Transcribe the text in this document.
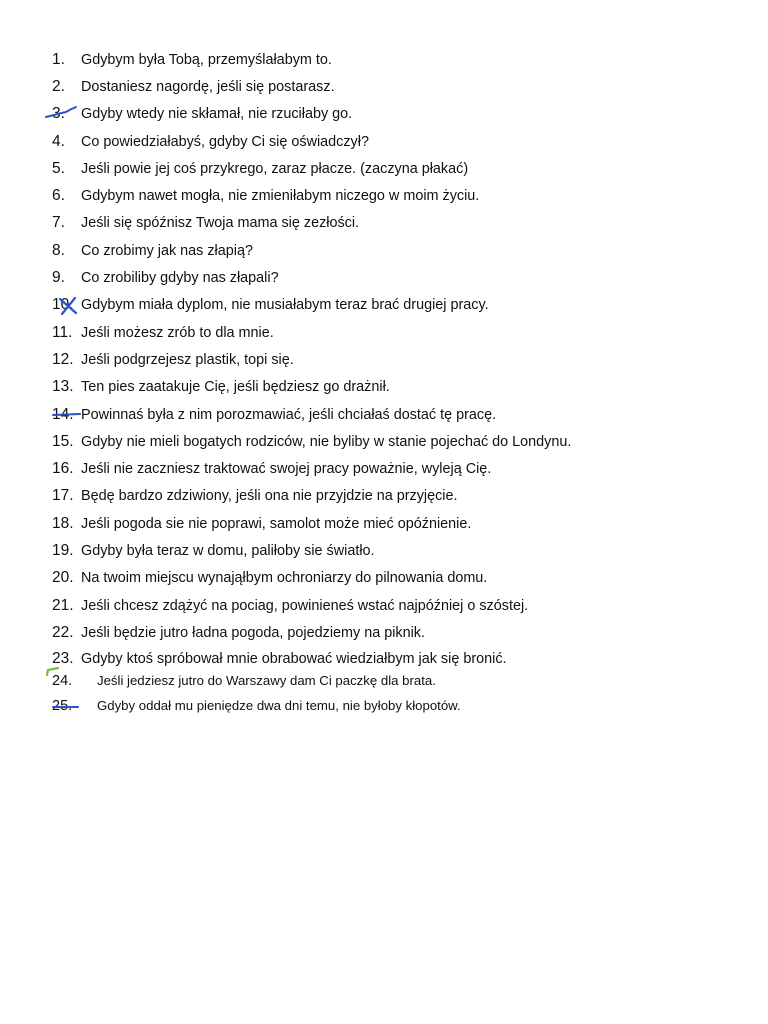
1.	Gdybym była Tobą, przemyślałabym to.
2.	Dostaniesz nagordę, jeśli się postarasz.
3.	Gdyby wtedy nie skłamał, nie rzuciłaby go.
4.	Co powiedziałabyś, gdyby Ci się oświadczył?
5.	Jeśli powie jej coś przykrego, zaraz płacze. (zaczyna płakać)
6.	Gdybym nawet mogła, nie zmieniłabym niczego w moim życiu.
7.	Jeśli się spóźnisz Twoja mama się zezłości.
8.	Co zrobimy jak nas złapią?
9.	Co zrobiliby gdyby nas złapali?
10. Gdybym miała dyplom, nie musiałabym teraz brać drugiej pracy.
11. Jeśli możesz zrób to dla mnie.
12. Jeśli podgrzejesz plastik, topi się.
13. Ten pies zaatakuje Cię, jeśli będziesz go drażnił.
14. Powinnaś była z nim porozmawiać, jeśli chciałaś dostać tę pracę.
15. Gdyby nie mieli bogatych rodziców, nie byliby w stanie pojechać do Londynu.
16. Jeśli nie zaczniesz traktować swojej pracy poważnie, wyleją Cię.
17. Będę bardzo zdziwiony, jeśli ona nie przyjdzie na przyjęcie.
18. Jeśli pogoda sie nie poprawi, samolot może mieć opóźnienie.
19. Gdyby była teraz w domu, paliłoby sie światło.
20. Na twoim miejscu wynająłbym ochroniarzy do pilnowania domu.
21. Jeśli chcesz zdążyć na pociag, powinieneś wstać najpóźniej o szóstej.
22. Jeśli będzie jutro ładna pogoda, pojedziemy na piknik.
23. Gdyby ktoś spróbował mnie obrabować wiedziałbym jak się bronić.
24.	Jeśli jedziesz jutro do Warszawy dam Ci paczkę dla brata.
25.	Gdyby oddał mu pieniędze dwa dni temu, nie byłoby kłopotów.
